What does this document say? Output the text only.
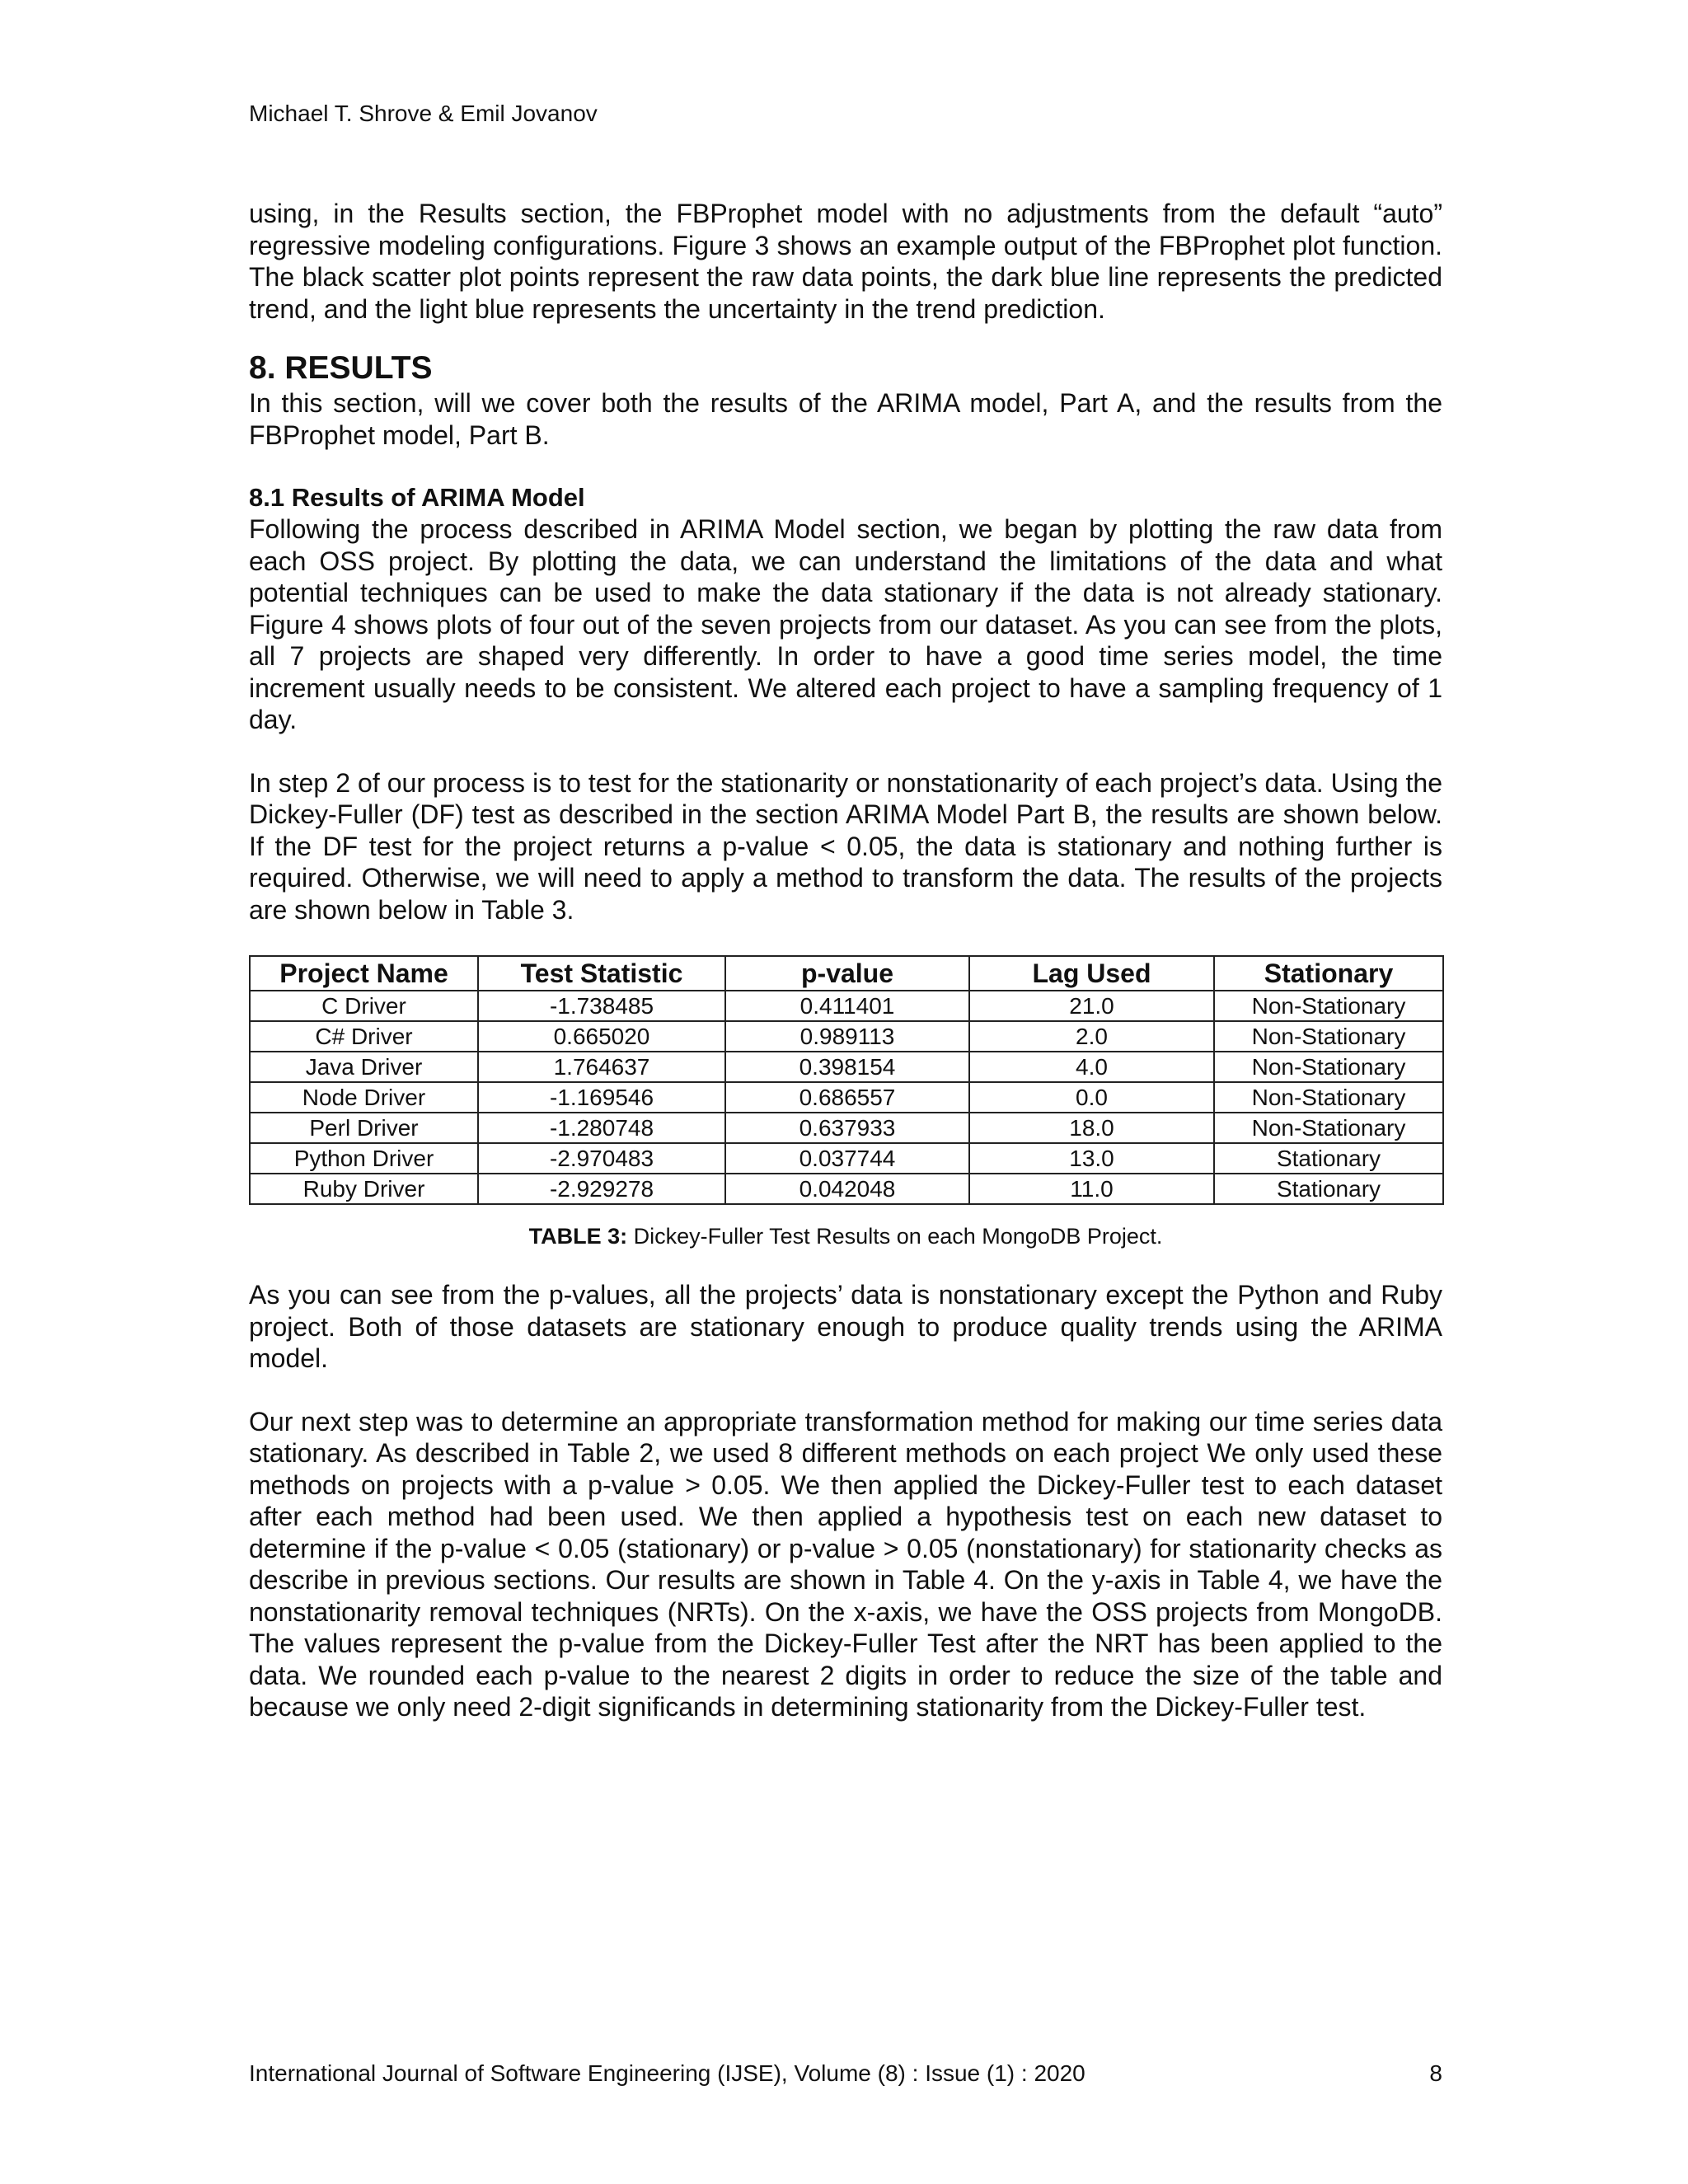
Michael T. Shrove & Emil Jovanov

using, in the Results section, the FBProphet model with no adjustments from the default “auto” regressive modeling configurations. Figure 3 shows an example output of the FBProphet plot function. The black scatter plot points represent the raw data points, the dark blue line represents the predicted trend, and the light blue represents the uncertainty in the trend prediction.

8. RESULTS

In this section, will we cover both the results of the ARIMA model, Part A, and the results from the FBProphet model, Part B.

8.1 Results of ARIMA Model

Following the process described in ARIMA Model section, we began by plotting the raw data from each OSS project. By plotting the data, we can understand the limitations of the data and what potential techniques can be used to make the data stationary if the data is not already stationary. Figure 4 shows plots of four out of the seven projects from our dataset. As you can see from the plots, all 7 projects are shaped very differently. In order to have a good time series model, the time increment usually needs to be consistent. We altered each project to have a sampling frequency of 1 day.

In step 2 of our process is to test for the stationarity or nonstationarity of each project’s data. Using the Dickey-Fuller (DF) test as described in the section ARIMA Model Part B, the results are shown below. If the DF test for the project returns a p-value < 0.05, the data is stationary and nothing further is required. Otherwise, we will need to apply a method to transform the data. The results of the projects are shown below in Table 3.

Project Name	Test Statistic	p-value	Lag Used	Stationary
C Driver	-1.738485	0.411401	21.0	Non-Stationary
C# Driver	0.665020	0.989113	2.0	Non-Stationary
Java Driver	1.764637	0.398154	4.0	Non-Stationary
Node Driver	-1.169546	0.686557	0.0	Non-Stationary
Perl Driver	-1.280748	0.637933	18.0	Non-Stationary
Python Driver	-2.970483	0.037744	13.0	Stationary
Ruby Driver	-2.929278	0.042048	11.0	Stationary

TABLE 3: Dickey-Fuller Test Results on each MongoDB Project.

As you can see from the p-values, all the projects’ data is nonstationary except the Python and Ruby project. Both of those datasets are stationary enough to produce quality trends using the ARIMA model.

Our next step was to determine an appropriate transformation method for making our time series data stationary. As described in Table 2, we used 8 different methods on each project We only used these methods on projects with a p-value > 0.05. We then applied the Dickey-Fuller test to each dataset after each method had been used. We then applied a hypothesis test on each new dataset to determine if the p-value < 0.05 (stationary) or p-value > 0.05 (nonstationary) for stationarity checks as describe in previous sections. Our results are shown in Table 4. On the y-axis in Table 4, we have the nonstationarity removal techniques (NRTs). On the x-axis, we have the OSS projects from MongoDB. The values represent the p-value from the Dickey-Fuller Test after the NRT has been applied to the data. We rounded each p-value to the nearest 2 digits in order to reduce the size of the table and because we only need 2-digit significands in determining stationarity from the Dickey-Fuller test.

International Journal of Software Engineering (IJSE), Volume (8) : Issue (1) : 2020	8
